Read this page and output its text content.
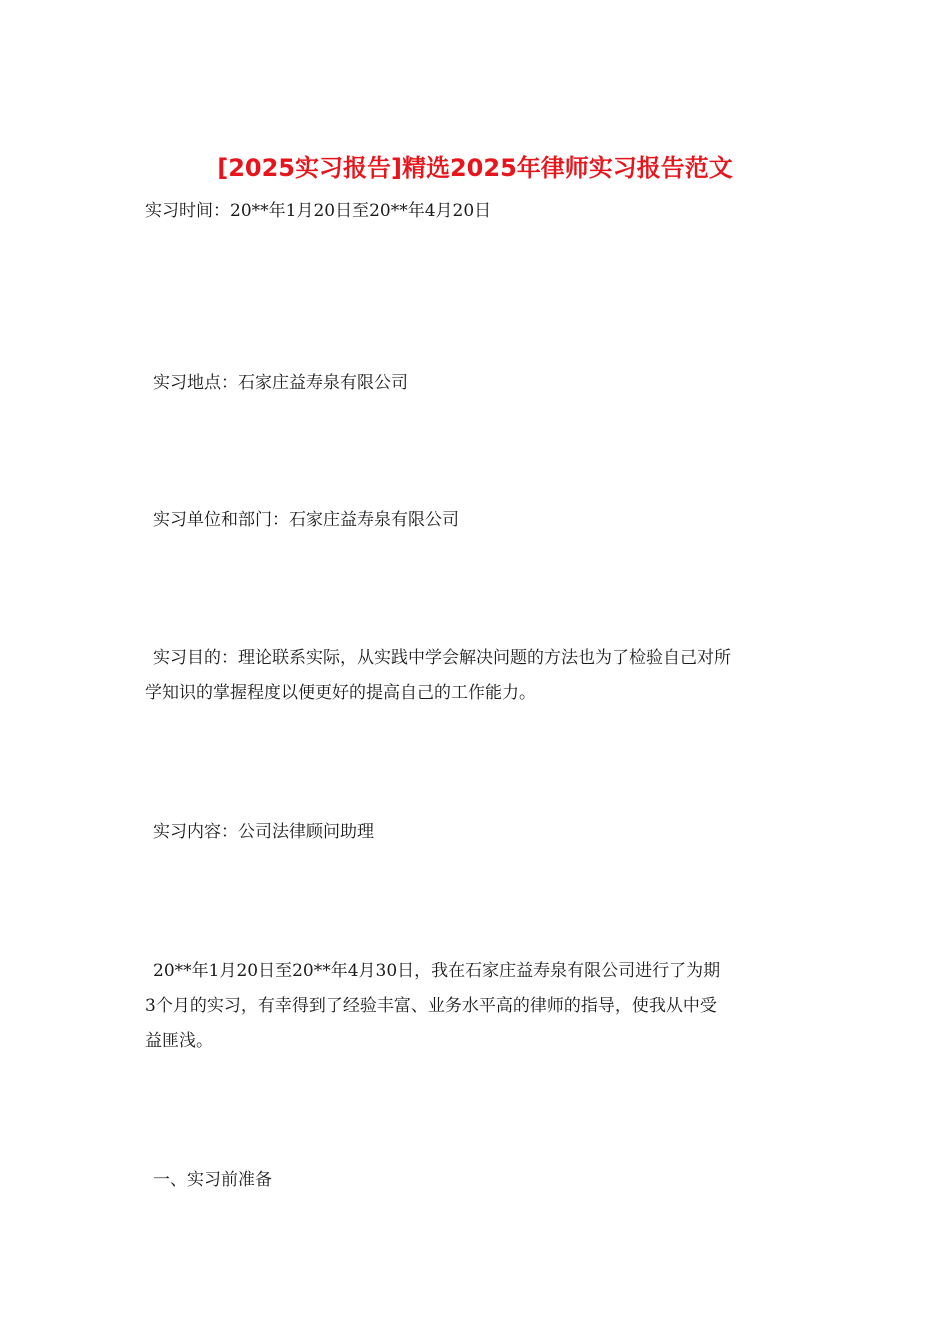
[2025实习报告]精选2025年律师实习报告范文

实习时间：20**年1月20日至20**年4月20日

实习地点：石家庄益寿泉有限公司

实习单位和部门：石家庄益寿泉有限公司

实习目的：理论联系实际，从实践中学会解决问题的方法也为了检验自己对所
学知识的掌握程度以便更好的提高自己的工作能力。

实习内容：公司法律顾问助理

20**年1月20日至20**年4月30日，我在石家庄益寿泉有限公司进行了为期
3个月的实习，有幸得到了经验丰富、业务水平高的律师的指导，使我从中受
益匪浅。

一、实习前准备
